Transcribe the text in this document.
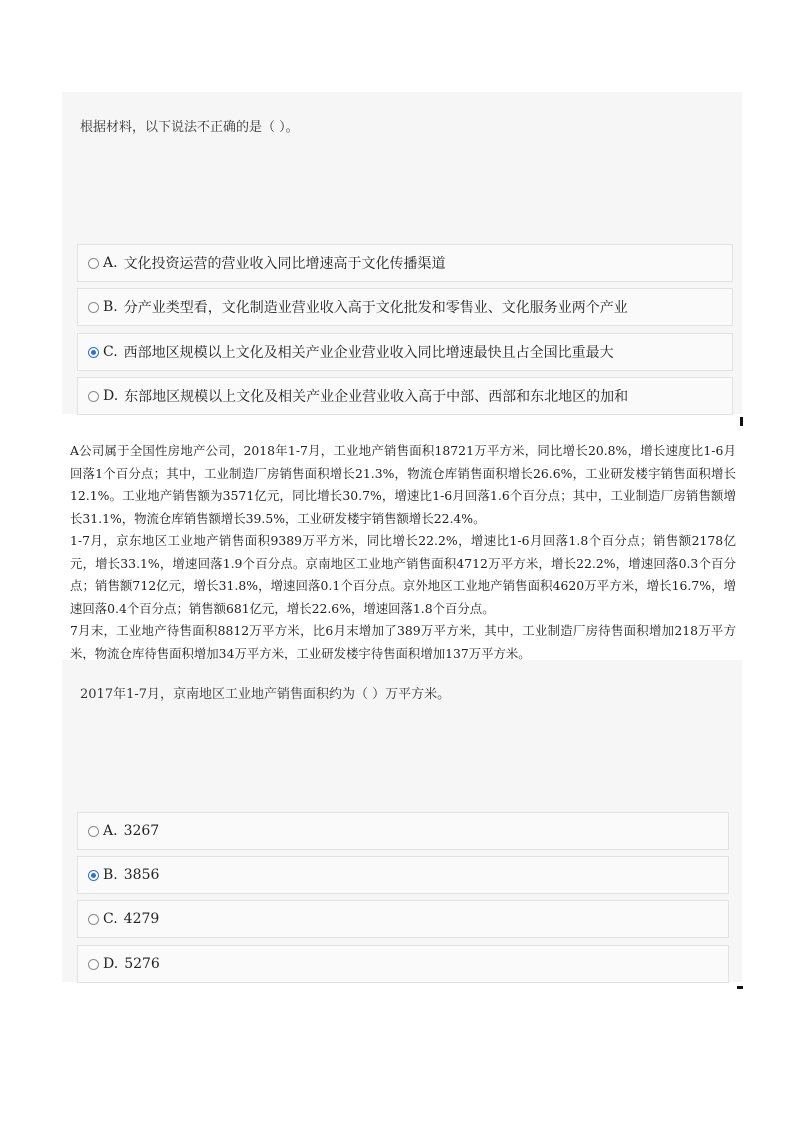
根据材料，以下说法不正确的是（ ）。
A. 文化投资运营的营业收入同比增速高于文化传播渠道
B. 分产业类型看，文化制造业营业收入高于文化批发和零售业、文化服务业两个产业
C. 西部地区规模以上文化及相关产业企业营业收入同比增速最快且占全国比重最大
D. 东部地区规模以上文化及相关产业企业营业收入高于中部、西部和东北地区的加和

A公司属于全国性房地产公司，2018年1-7月，工业地产销售面积18721万平方米，同比增长20.8%，增长速度比1-6月回落1个百分点；其中，工业制造厂房销售面积增长21.3%，物流仓库销售面积增长26.6%，工业研发楼宇销售面积增长12.1%。工业地产销售额为3571亿元，同比增长30.7%，增速比1-6月回落1.6个百分点；其中，工业制造厂房销售额增长31.1%，物流仓库销售额增长39.5%，工业研发楼宇销售额增长22.4%。

1-7月，京东地区工业地产销售面积9389万平方米，同比增长22.2%，增速比1-6月回落1.8个百分点；销售额2178亿元，增长33.1%，增速回落1.9个百分点。京南地区工业地产销售面积4712万平方米，增长22.2%，增速回落0.3个百分点；销售额712亿元，增长31.8%，增速回落0.1个百分点。京外地区工业地产销售面积4620万平方米，增长16.7%，增速回落0.4个百分点；销售额681亿元，增长22.6%，增速回落1.8个百分点。

7月末，工业地产待售面积8812万平方米，比6月末增加了389万平方米，其中，工业制造厂房待售面积增加218万平方米，物流仓库待售面积增加34万平方米，工业研发楼宇待售面积增加137万平方米。

2017年1-7月，京南地区工业地产销售面积约为（ ）万平方米。
A. 3267
B. 3856
C. 4279
D. 5276
